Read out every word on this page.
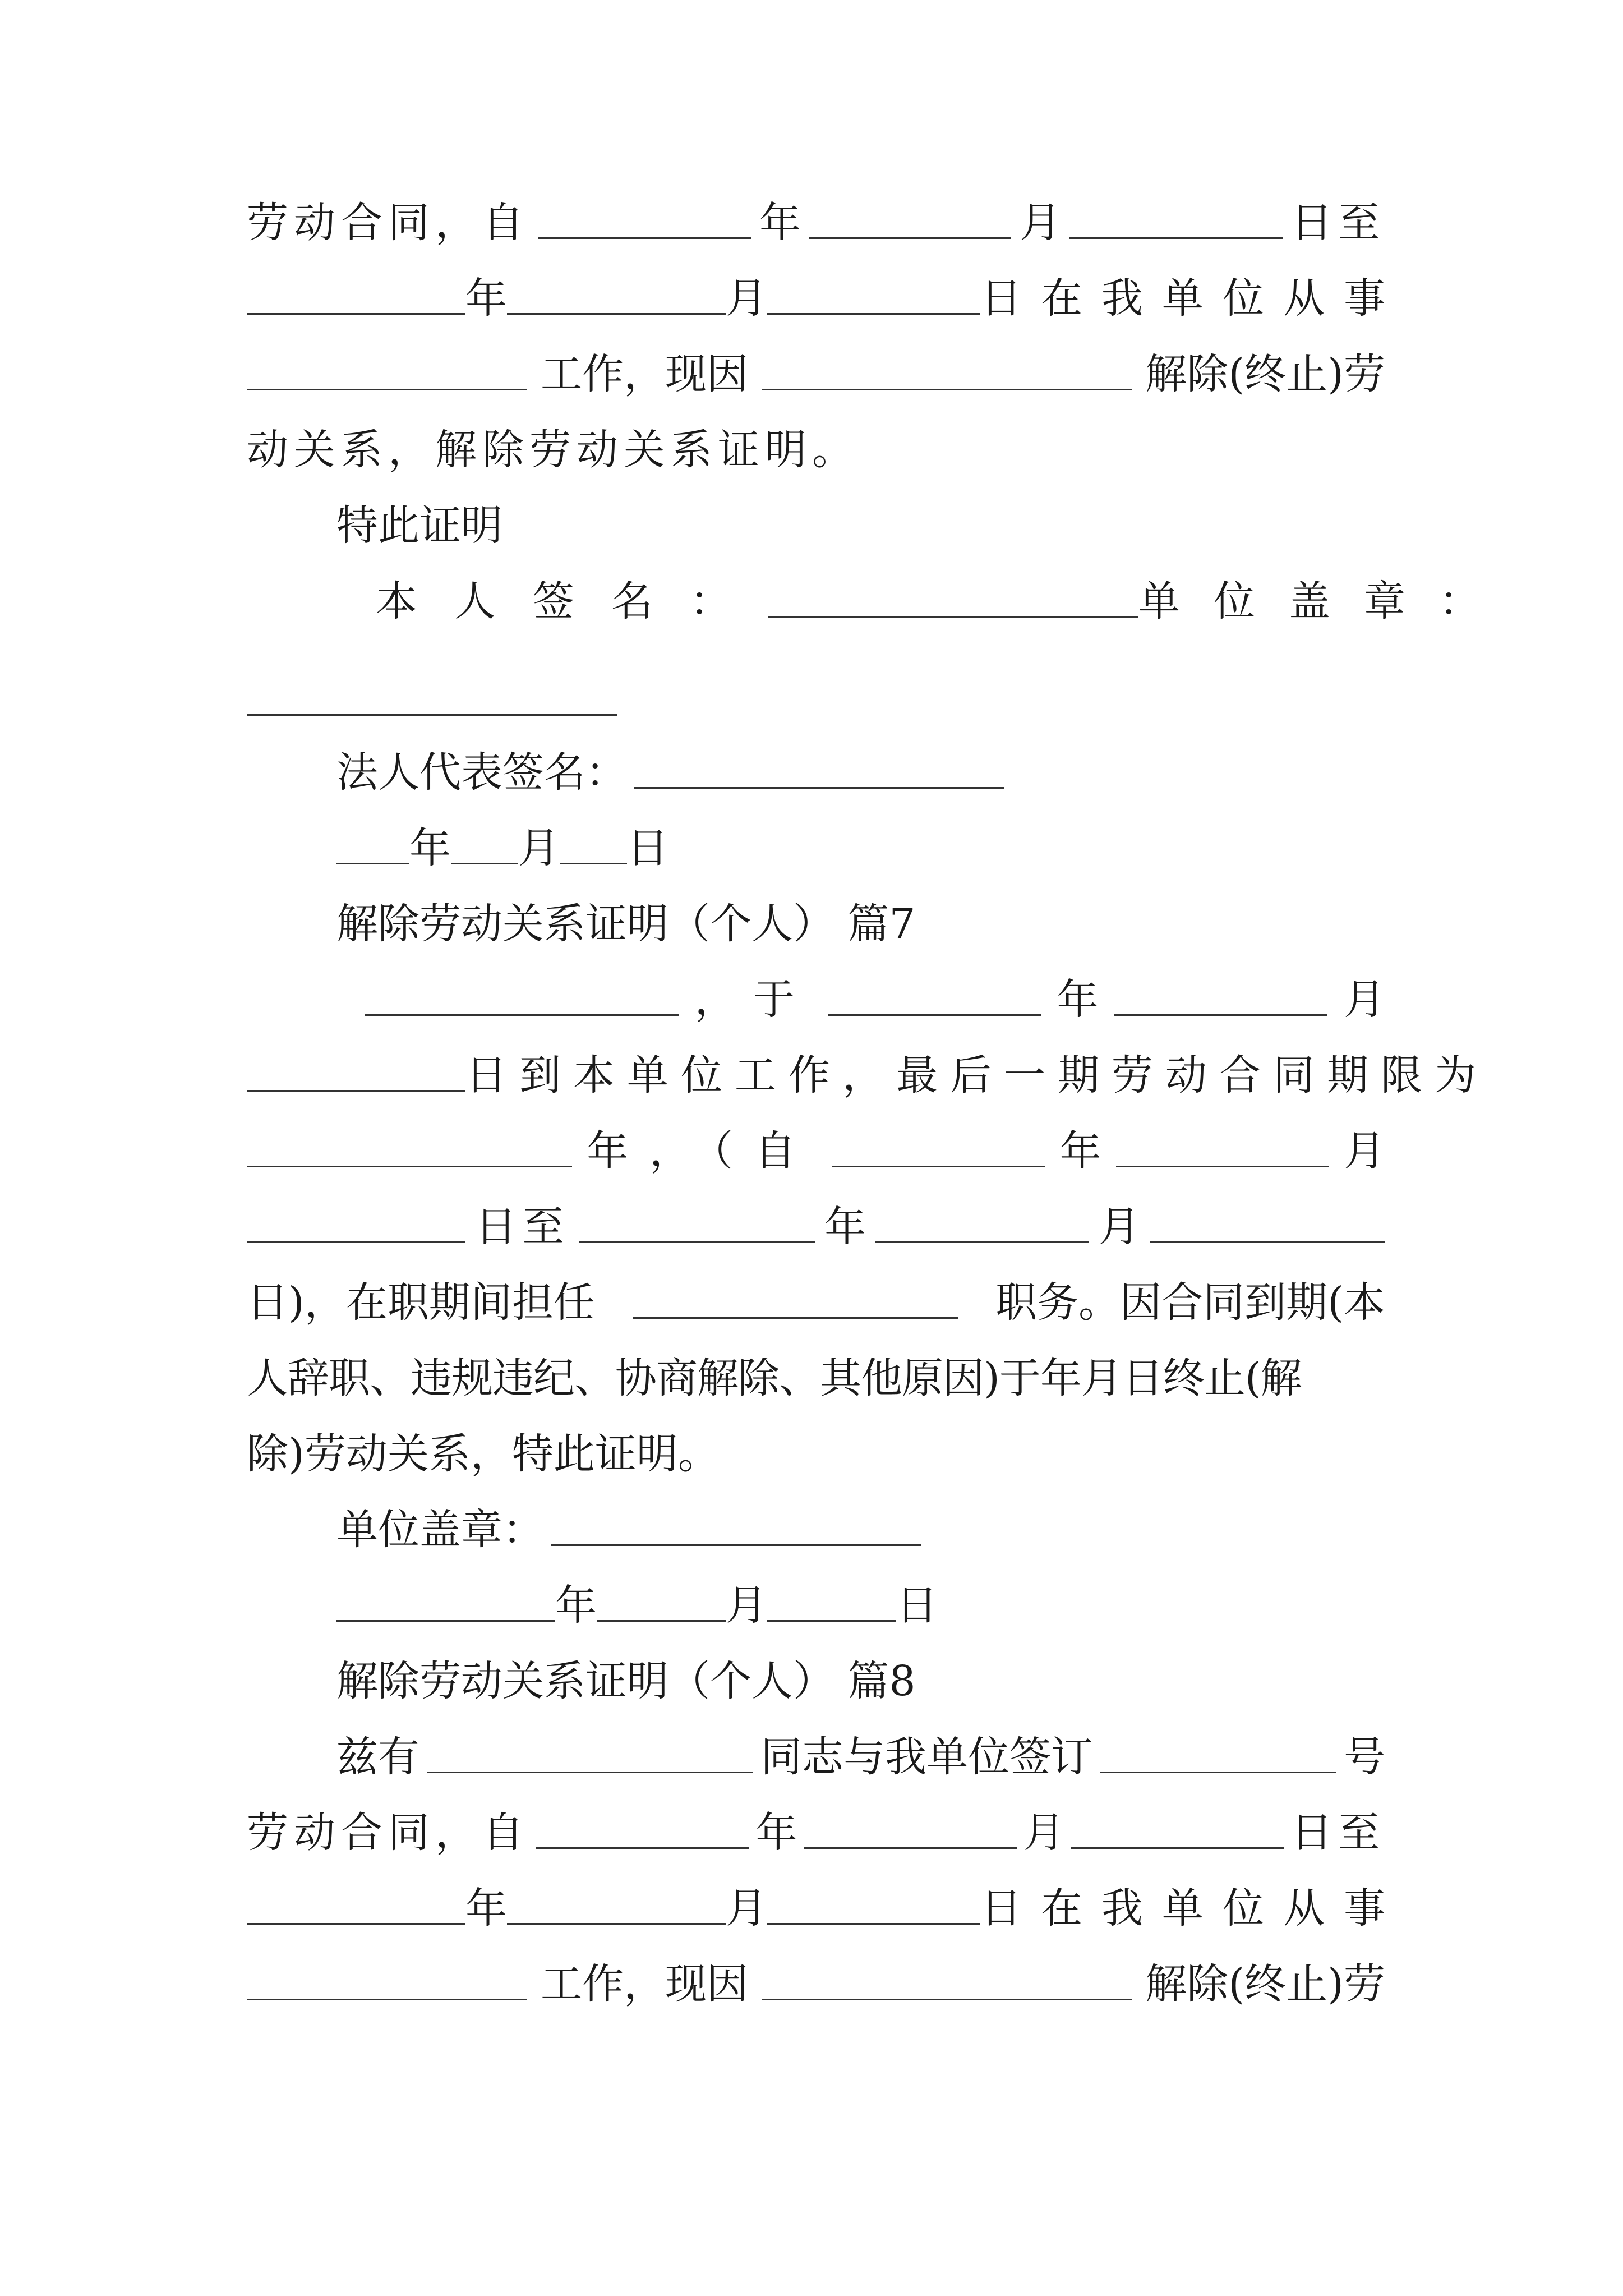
劳动合同，自	年	月	日至
年	月	日在我单位从事
工作，现因	解除(终止)劳
动关系，解除劳动关系证明。
特此证明
本人签名：	单位盖章：
法人代表签名：
年 月 日
解除劳动关系证明（个人） 篇7
，于	年	月
日到本单位工作，最后一期劳动合同期限为
年，（自	年	月
日至	年	月
日)，在职期间担任	职务。因合同到期(本
人辞职、违规违纪、协商解除、其他原因)于年月日终止(解
除)劳动关系，特此证明。
单位盖章：
年	月	日
解除劳动关系证明（个人） 篇8
兹有	同志与我单位签订	号
劳动合同，自	年	月	日至
年	月	日在我单位从事
工作，现因	解除(终止)劳
